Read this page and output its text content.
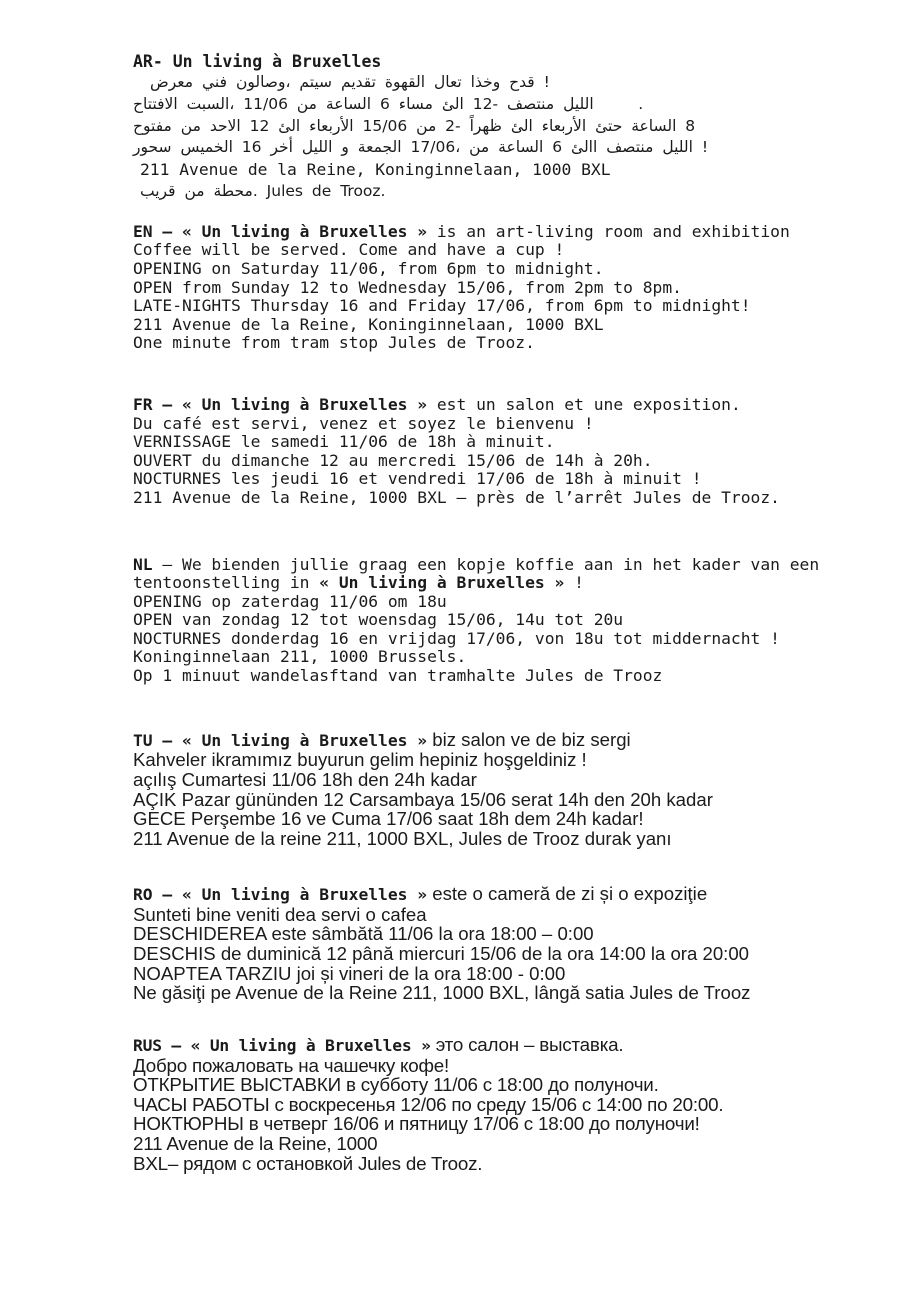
AR- Un living à Bruxelles
معرض‎ فني‎ وصالون،‎ سيتم‎ تقديم‎ القهوة‎ تعال‎ وخذا‎ قدح‎ !
الافتتاح‎ السبت،‎ 11/06‎ من‎ الساعة‎ 6‎ مساء‎ الئ‎ 12-‎ منتصف‎ الليل‎     .
مفتوح‎ من‎ الاحد‎ 12‎ الئ‎ الأربعاء‎ 15/06‎ من‎ 2-‎ ظهراً‎ الئ‎ الأربعاء‎ حتئ‎ الساعة‎ 8
سحور‎ الخميس‎ 16‎ أخر‎ الليل‎ و‎ الجمعة‎ 17/06،‎ من‎ الساعة‎ 6‎ االئ‎ منتصف‎ الليل‎ !
211 Avenue de la Reine, Koninginnelaan, 1000 BXL
قريب‎ من‎ محطة.‎ Jules de Trooz.
EN – « Un living à Bruxelles » is an art-living room and exhibition
Coffee will be served. Come and have a cup !
OPENING on Saturday 11/06, from 6pm to midnight.
OPEN from Sunday 12 to Wednesday 15/06, from 2pm to 8pm.
LATE-NIGHTS Thursday 16 and Friday 17/06, from 6pm to midnight!
211 Avenue de la Reine, Koninginnelaan, 1000 BXL
One minute from tram stop Jules de Trooz.
FR – « Un living à Bruxelles » est un salon et une exposition.
Du café est servi, venez et soyez le bienvenu !
VERNISSAGE le samedi 11/06 de 18h à minuit.
OUVERT du dimanche 12 au mercredi 15/06 de 14h à 20h.
NOCTURNES les jeudi 16 et vendredi 17/06 de 18h à minuit !
211 Avenue de la Reine, 1000 BXL – près de l’arrêt Jules de Trooz.
NL – We bienden jullie graag een kopje koffie aan in het kader van een
tentoonstelling in « Un living à Bruxelles » !
OPENING op zaterdag 11/06 om 18u
OPEN van zondag 12 tot woensdag 15/06, 14u tot 20u
NOCTURNES donderdag 16 en vrijdag 17/06, von 18u tot middernacht !
Koninginnelaan 211, 1000 Brussels.
Op 1 minuut wandelasftand van tramhalte Jules de Trooz
TU – « Un living à Bruxelles » biz salon ve de biz sergi
Kahveler ikramımız buyurun gelim hepiniz hoşgeldiniz !
açılış Cumartesi 11/06 18h den 24h kadar
AÇIK Pazar gününden 12 Carsambaya 15/06 serat 14h den 20h kadar
GECE Perşembe 16 ve Cuma 17/06 saat 18h dem 24h kadar!
211 Avenue de la reine 211, 1000 BXL, Jules de Trooz durak yanı
RO – « Un living à Bruxelles » este o cameră de zi și o expoziţie
Sunteti bine veniti dea servi o cafea
DESCHIDEREA este sâmbătă 11/06 la ora 18:00 – 0:00
DESCHIS de duminică 12 până miercuri 15/06 de la ora 14:00 la ora 20:00
NOAPTEA TARZIU joi și vineri de la ora 18:00 - 0:00
Ne găsiţi pe Avenue de la Reine 211, 1000 BXL, lângă satia Jules de Trooz
RUS – « Un living à Bruxelles » это салон – выставка.
Добро пожаловать на чашечку кофе!
ОТКРЫТИЕ ВЫСТАВКИ в субботу 11/06 с 18:00 до полуночи.
ЧАСЫ РАБОТЫ с воскресенья 12/06 по среду 15/06 с 14:00 по 20:00.
НОКТЮРНЫ в четверг 16/06 и пятницу 17/06 с 18:00 до полуночи!
211 Avenue de la Reine, 1000
BXL– рядом с остановкой Jules de Trooz.
